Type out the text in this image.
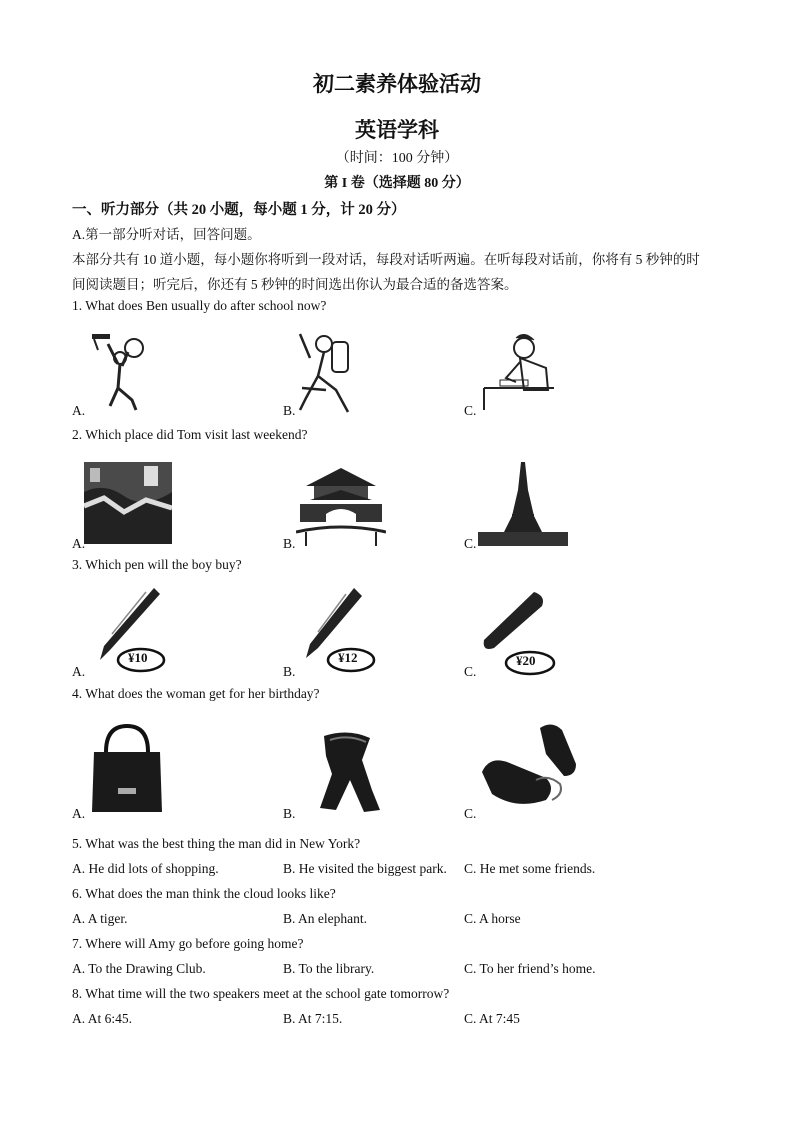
初二素养体验活动
英语学科
（时间：100 分钟）
第 I 卷（选择题 80 分）
一、听力部分（共 20 小题，每小题 1 分，计 20 分）
A.第一部分听对话，回答问题。
本部分共有 10 道小题，每小题你将听到一段对话，每段对话听两遍。在听每段对话前，你将有 5 秒钟的时
间阅读题目；听完后，你还有 5 秒钟的时间选出你认为最合适的备选答案。
1. What does Ben usually do after school now?
A.	B.	C.
2. Which place did Tom visit last weekend?
A.	B.	C.
3. Which pen will the boy buy?
¥10
A.
¥12
B.
¥20
C.
4. What does the woman get for her birthday?
A.	B.	C.
5. What was the best thing the man did in New York?
A. He did lots of shopping.	B. He visited the biggest park. C. He met some friends.
6. What does the man think the cloud looks like?
A. A tiger.	B. An elephant.	C. A horse
7. Where will Amy go before going home?
A. To the Drawing Club.	B. To the library.	C. To her friend’s home.
8. What time will the two speakers meet at the school gate tomorrow?
A. At 6:45.	B. At 7:15.	C. At 7:45
